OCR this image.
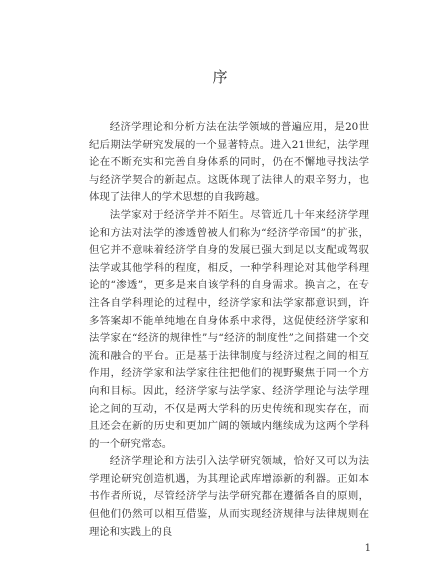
序

经济学理论和分析方法在法学领域的普遍应用，是20世纪后期法学研究发展的一个显著特点。进入21世纪，法学理论在不断充实和完善自身体系的同时，仍在不懈地寻找法学与经济学契合的新起点。这既体现了法律人的艰辛努力，也体现了法律人的学术思想的自我跨越。

法学家对于经济学并不陌生。尽管近几十年来经济学理论和方法对法学的渗透曾被人们称为“经济学帝国”的扩张，但它并不意味着经济学自身的发展已强大到足以支配或驾驭法学或其他学科的程度，相反，一种学科理论对其他学科理论的“渗透”，更多是来自该学科的自身需求。换言之，在专注各自学科理论的过程中，经济学家和法学家都意识到，许多答案却不能单纯地在自身体系中求得，这促使经济学家和法学家在“经济的规律性”与“经济的制度性”之间搭建一个交流和融合的平台。正是基于法律制度与经济过程之间的相互作用，经济学家和法学家往往把他们的视野聚焦于同一个方向和目标。因此，经济学家与法学家、经济学理论与法学理论之间的互动，不仅是两大学科的历史传统和现实存在，而且还会在新的历史和更加广阔的领域内继续成为这两个学科的一个研究常态。

经济学理论和方法引入法学研究领域，恰好又可以为法学理论研究创造机遇，为其理论武库增添新的利器。正如本书作者所说，尽管经济学与法学研究都在遵循各自的原则，但他们仍然可以相互借鉴，从而实现经济规律与法律规则在理论和实践上的良

1
